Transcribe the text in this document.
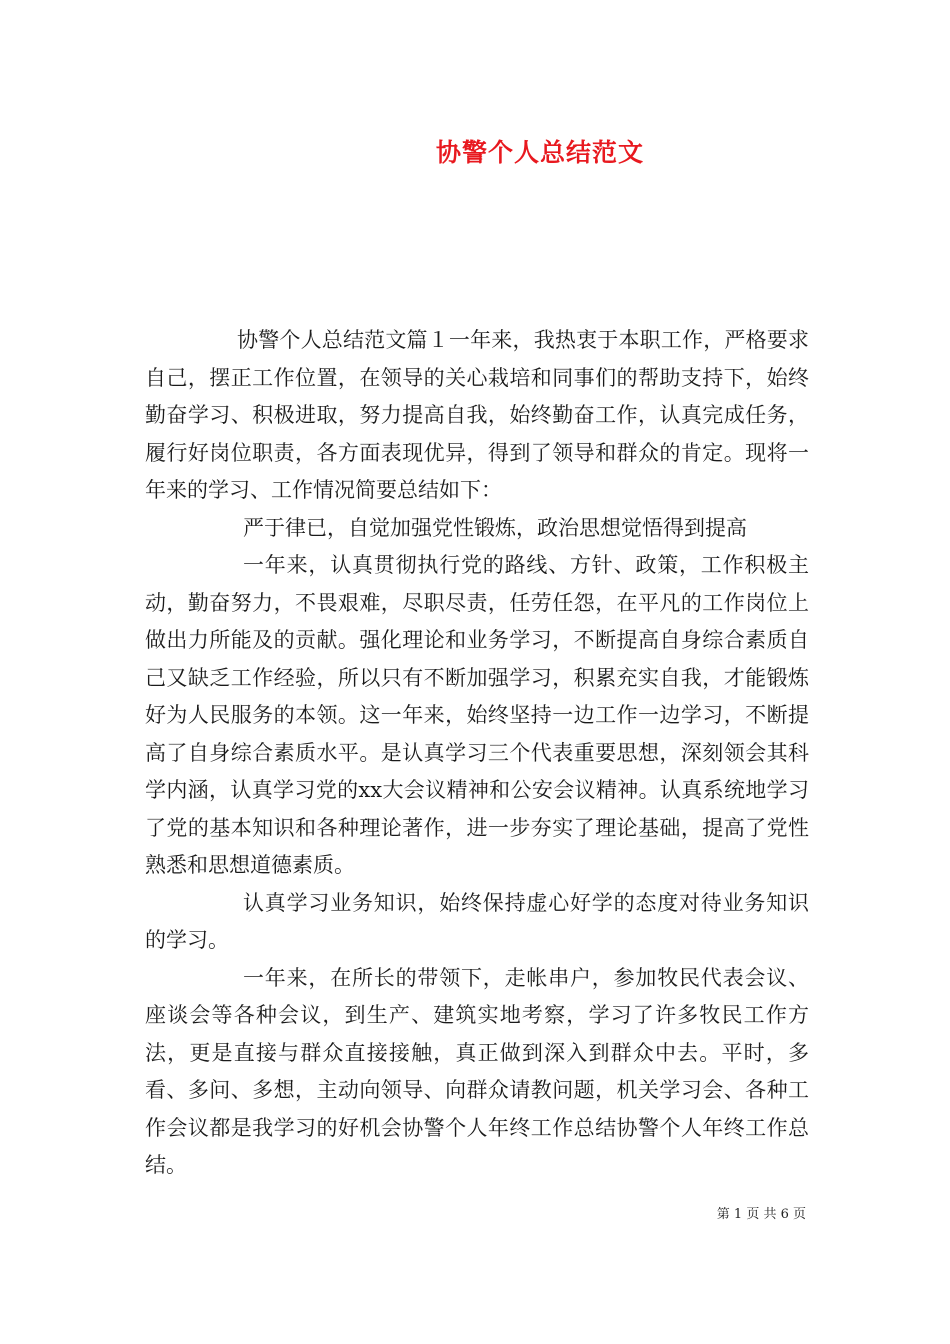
协警个人总结范文

协警个人总结范文篇１一年来，我热衷于本职工作，严格要求自己，摆正工作位置，在领导的关心栽培和同事们的帮助支持下，始终勤奋学习、积极进取，努力提高自我，始终勤奋工作，认真完成任务，履行好岗位职责，各方面表现优异，得到了领导和群众的肯定。现将一年来的学习、工作情况简要总结如下：

严于律已，自觉加强党性锻炼，政治思想觉悟得到提高

一年来，认真贯彻执行党的路线、方针、政策，工作积极主动，勤奋努力，不畏艰难，尽职尽责，任劳任怨，在平凡的工作岗位上做出力所能及的贡献。强化理论和业务学习，不断提高自身综合素质自己又缺乏工作经验，所以只有不断加强学习，积累充实自我，才能锻炼好为人民服务的本领。这一年来，始终坚持一边工作一边学习，不断提高了自身综合素质水平。是认真学习三个代表重要思想，深刻领会其科学内涵，认真学习党的xx大会议精神和公安会议精神。认真系统地学习了党的基本知识和各种理论著作，进一步夯实了理论基础，提高了党性熟悉和思想道德素质。

认真学习业务知识，始终保持虚心好学的态度对待业务知识的学习。

一年来，在所长的带领下，走帐串户，参加牧民代表会议、座谈会等各种会议，到生产、建筑实地考察，学习了许多牧民工作方法，更是直接与群众直接接触，真正做到深入到群众中去。平时，多看、多问、多想，主动向领导、向群众请教问题，机关学习会、各种工作会议都是我学习的好机会协警个人年终工作总结协警个人年终工作总结。

第 1 页 共 6 页
